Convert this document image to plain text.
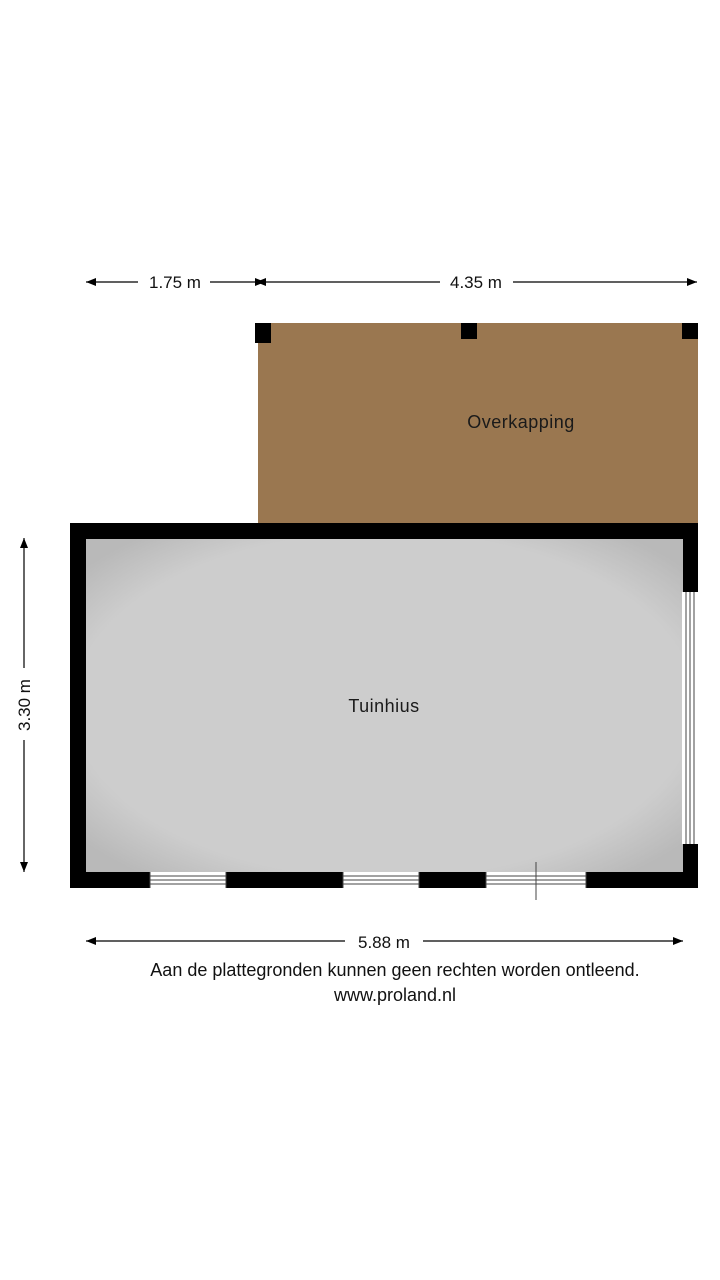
1.75 m	4.35 m
Overkapping
Tuinhius
3.30 m
5.88 m

Aan de plattegronden kunnen geen rechten worden ontleend.

www.proland.nl
